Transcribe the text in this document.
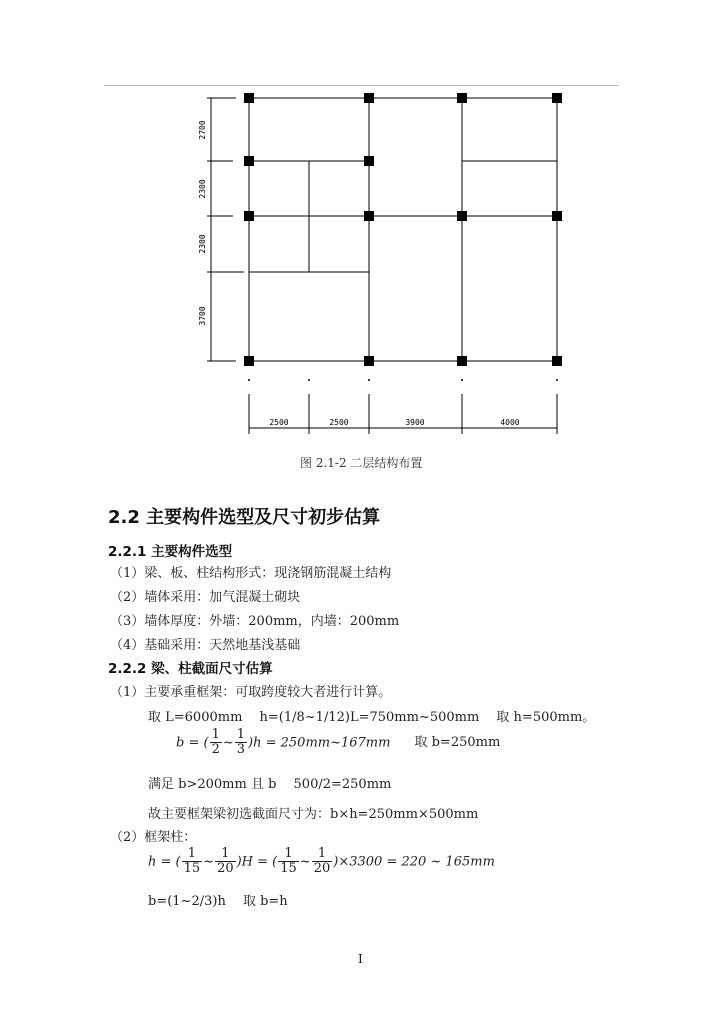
2700
2300
2300
3700
2500	2500	3900	4000
图 2.1-2 二层结构布置
2.2 主要构件选型及尺寸初步估算
2.2.1 主要构件选型
（1）梁、板、柱结构形式：现浇钢筋混凝土结构
（2）墙体采用：加气混凝土砌块
（3）墙体厚度：外墙：200mm，内墙：200mm
（4）基础采用：天然地基浅基础
2.2.2 梁、柱截面尺寸估算
（1）主要承重框架：可取跨度较大者进行计算。
取 L=6000mm　 h=(1/8~1/12)L=750mm~500mm　 取 h=500mm。
b = ( $\frac{1}{2}$ ~ $\frac{1}{3} )h$ = 250mm~167mm 取 b=250mm
满足 b>200mm 且 b　 500/2=250mm
故主要框架梁初选截面尺寸为：b×h=250mm×500mm
（2）框架柱：
h = ( $\frac{1}{15}$ ~ $\frac{1}{20} )H$ = ( $\frac{1}{15}$ ~ $\frac{1}{20} )\times 3300 = 220$ ~ 165mm
b=(1~2/3)h　 取 b=h
I
